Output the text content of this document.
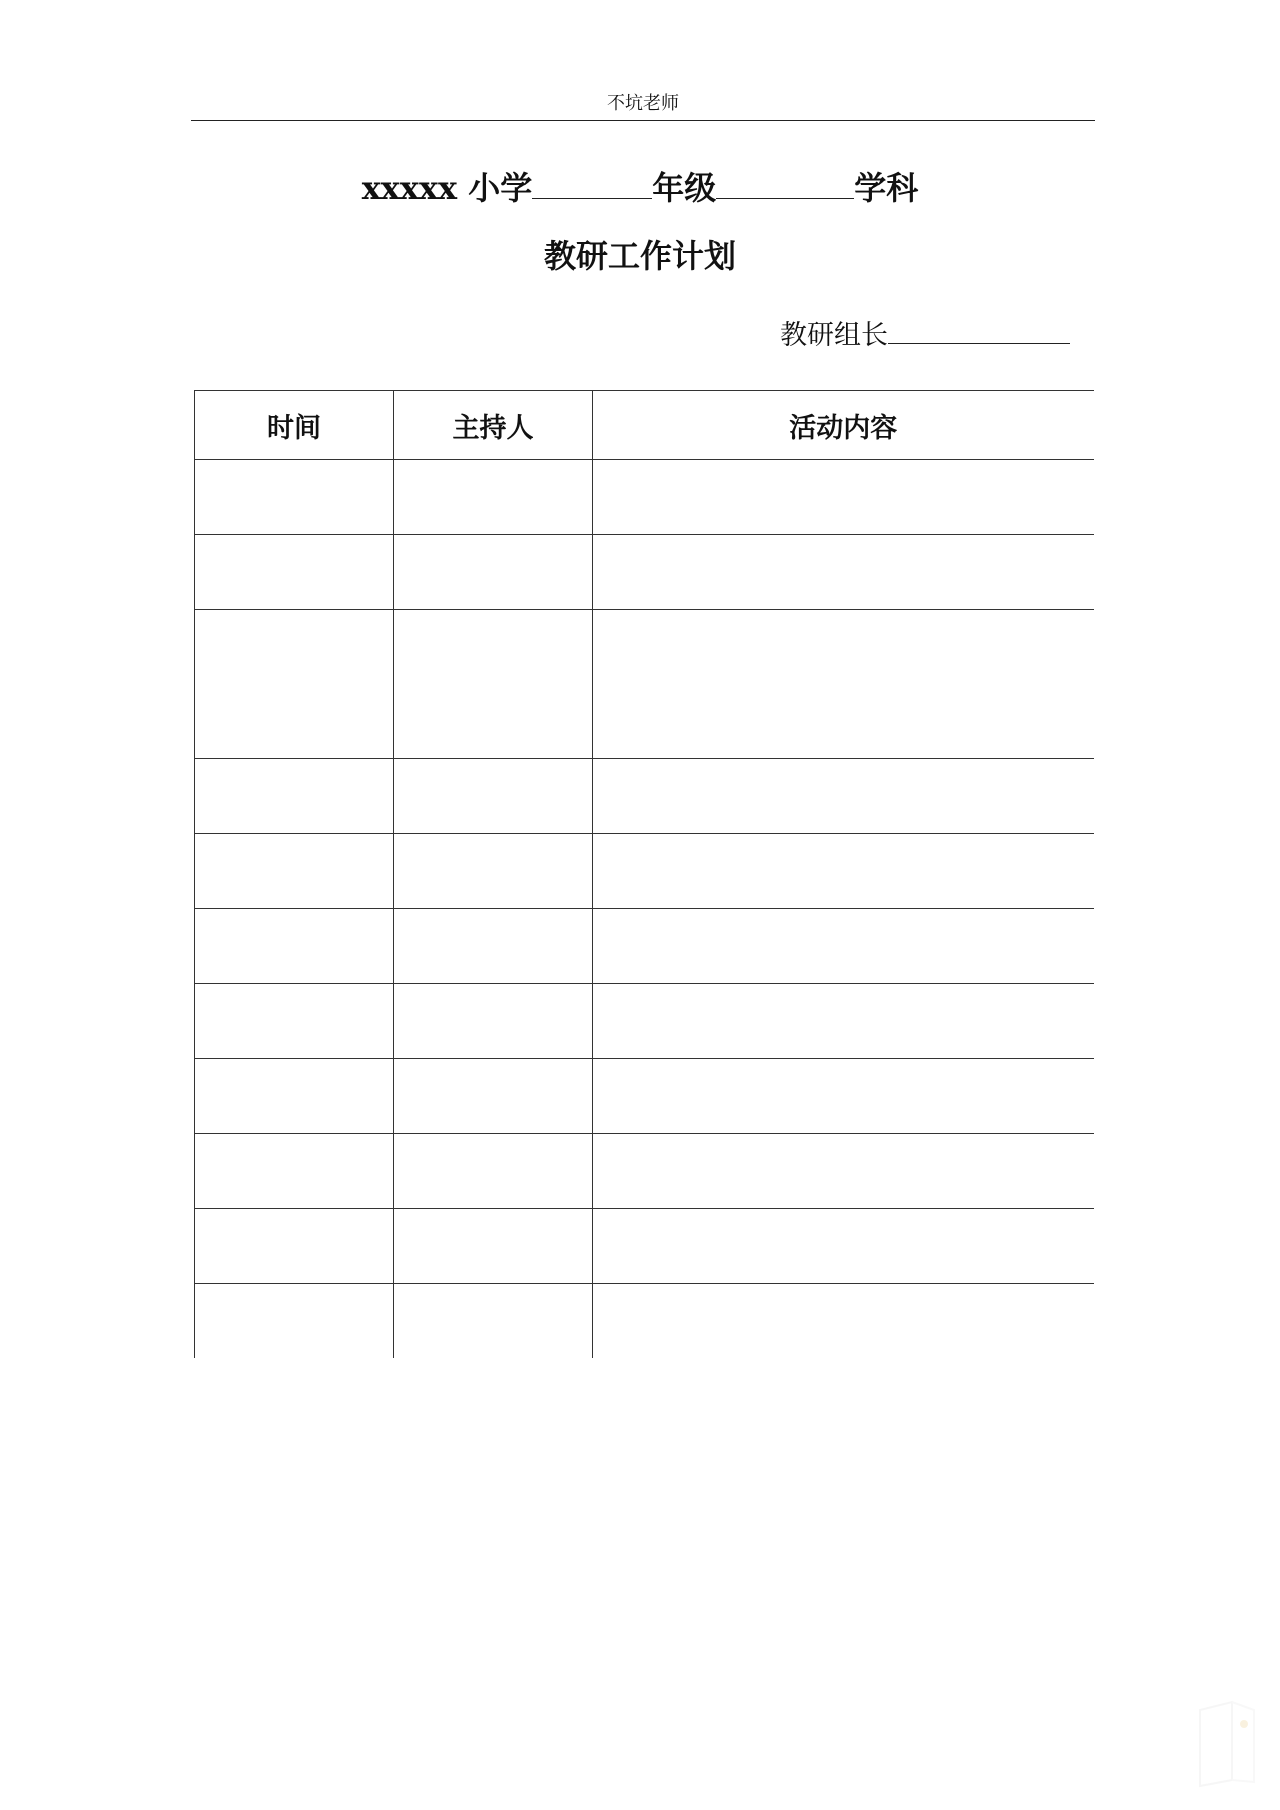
不坑老师
xxxxx 小学	年级	学科
教研工作计划
教研组长
时间	主持人	活动内容
